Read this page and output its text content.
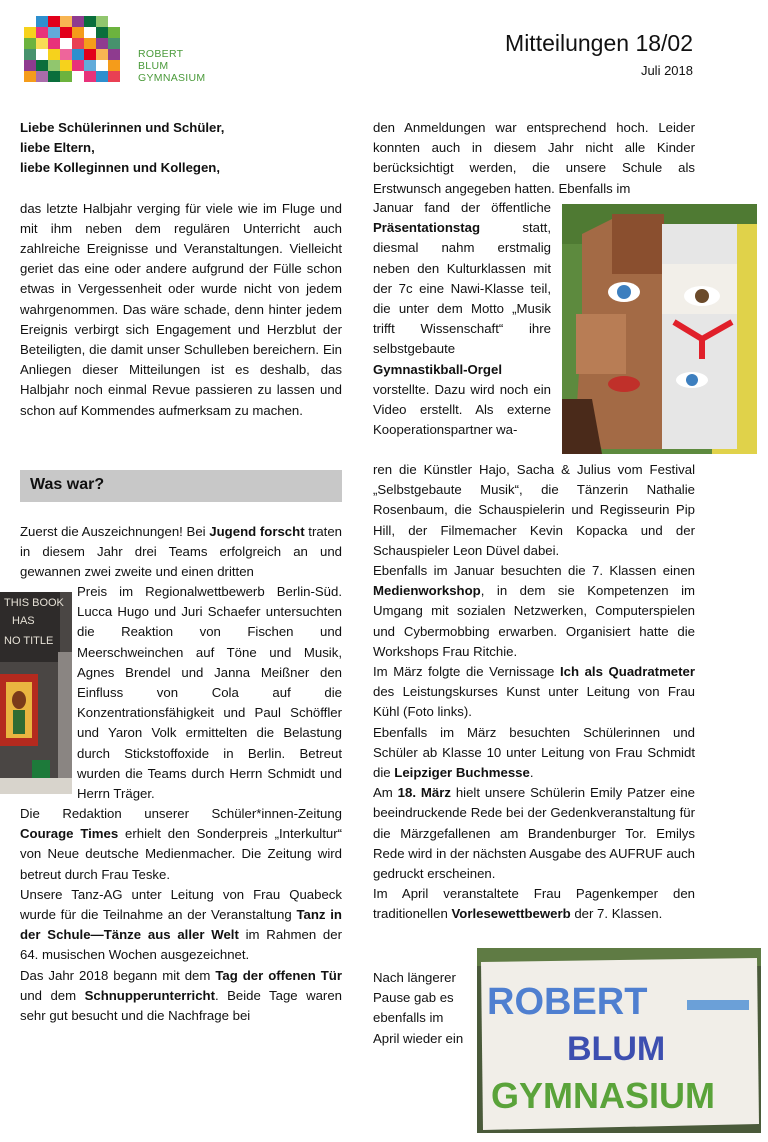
ROBERT
BLUM
GYMNASIUM
Mitteilungen 18/02
Juli 2018

Liebe Schülerinnen und Schüler,

liebe Eltern,

liebe Kolleginnen und Kollegen,

das letzte Halbjahr verging für viele wie im Fluge und mit ihm neben dem regulären Unterricht auch zahlreiche Ereignisse und Veranstaltungen. Vielleicht geriet das eine oder andere aufgrund der Fülle schon etwas in Vergessenheit oder wurde nicht von jedem wahrgenommen. Das wäre schade, denn hinter jedem Ereignis verbirgt sich Engagement und Herzblut der Beteiligten, die damit unser Schulleben bereichern. Ein Anliegen dieser Mitteilungen ist es deshalb, das Halbjahr noch einmal Revue passieren zu lassen und schon auf Kommendes aufmerksam zu machen.

Was war?

Zuerst die Auszeichnungen! Bei Jugend forscht traten in diesem Jahr drei Teams erfolgreich an und gewannen zwei zweite und einen dritten

Preis im Regionalwettbewerb Berlin-Süd. Lucca Hugo und Juri Schaefer untersuchten die Reaktion von Fischen und Meerschweinchen auf Töne und Musik, Agnes Brendel und Janna Meißner den Einfluss von Cola auf die Konzentrationsfähigkeit und Paul Schöffler und Yaron Volk ermittelten die Belastung durch Stickstoffoxide in Berlin. Betreut wurden die Teams durch Herrn Schmidt und Herrn Träger.

Die Redaktion unserer Schüler*innen-Zeitung Courage Times erhielt den Sonderpreis „Interkultur“ von Neue deutsche Medienmacher. Die Zeitung wird betreut durch Frau Teske.

Unsere Tanz-AG unter Leitung von Frau Quabeck wurde für die Teilnahme an der Veranstaltung Tanz in der Schule—Tänze aus aller Welt im Rahmen der 64. musischen Wochen ausgezeichnet.

Das Jahr 2018 begann mit dem Tag der offenen Tür und dem Schnupperunterricht. Beide Tage waren sehr gut besucht und die Nachfrage bei

THIS BOOK
HAS
NO TITLE

den Anmeldungen war entsprechend hoch. Leider konnten auch in diesem Jahr nicht alle Kinder berücksichtigt werden, die unsere Schule als Erstwunsch angegeben hatten. Ebenfalls im

Januar fand der öffentliche Präsentationstag statt, diesmal nahm erstmalig neben den Kulturklassen mit der 7c eine Nawi-Klasse teil, die unter dem Motto „Musik trifft Wissenschaft“ ihre selbstgebaute Gymnastikball-Orgel vorstellte. Dazu wird noch ein Video erstellt. Als externe Kooperationspartner wa-

ren die Künstler Hajo, Sacha & Julius vom Festival „Selbstgebaute Musik“, die Tänzerin Nathalie Rosenbaum, die Schauspielerin und Regisseurin Pip Hill, der Filmemacher Kevin Kopacka und der Schauspieler Leon Düvel dabei.

Ebenfalls im Januar besuchten die 7. Klassen einen Medienworkshop, in dem sie Kompetenzen im Umgang mit sozialen Netzwerken, Computerspielen und Cybermobbing erwarben. Organisiert hatte die Workshops Frau Ritchie.

Im März folgte die Vernissage Ich als Quadratmeter des Leistungskurses Kunst unter Leitung von Frau Kühl (Foto links).

Ebenfalls im März besuchten Schülerinnen und Schüler ab Klasse 10 unter Leitung von Frau Schmidt die Leipziger Buchmesse.

Am 18. März hielt unsere Schülerin Emily Patzer eine beeindruckende Rede bei der Gedenkveranstaltung für die Märzgefallenen am Brandenburger Tor. Emilys Rede wird in der nächsten Ausgabe des AUFRUF auch gedruckt erscheinen.

Im April veranstaltete Frau Pagenkemper den traditionellen Vorlesewettbewerb der 7. Klassen.

Nach längerer Pause gab es ebenfalls im April wieder ein

ROBERT
BLUM
GYMNASIUM
